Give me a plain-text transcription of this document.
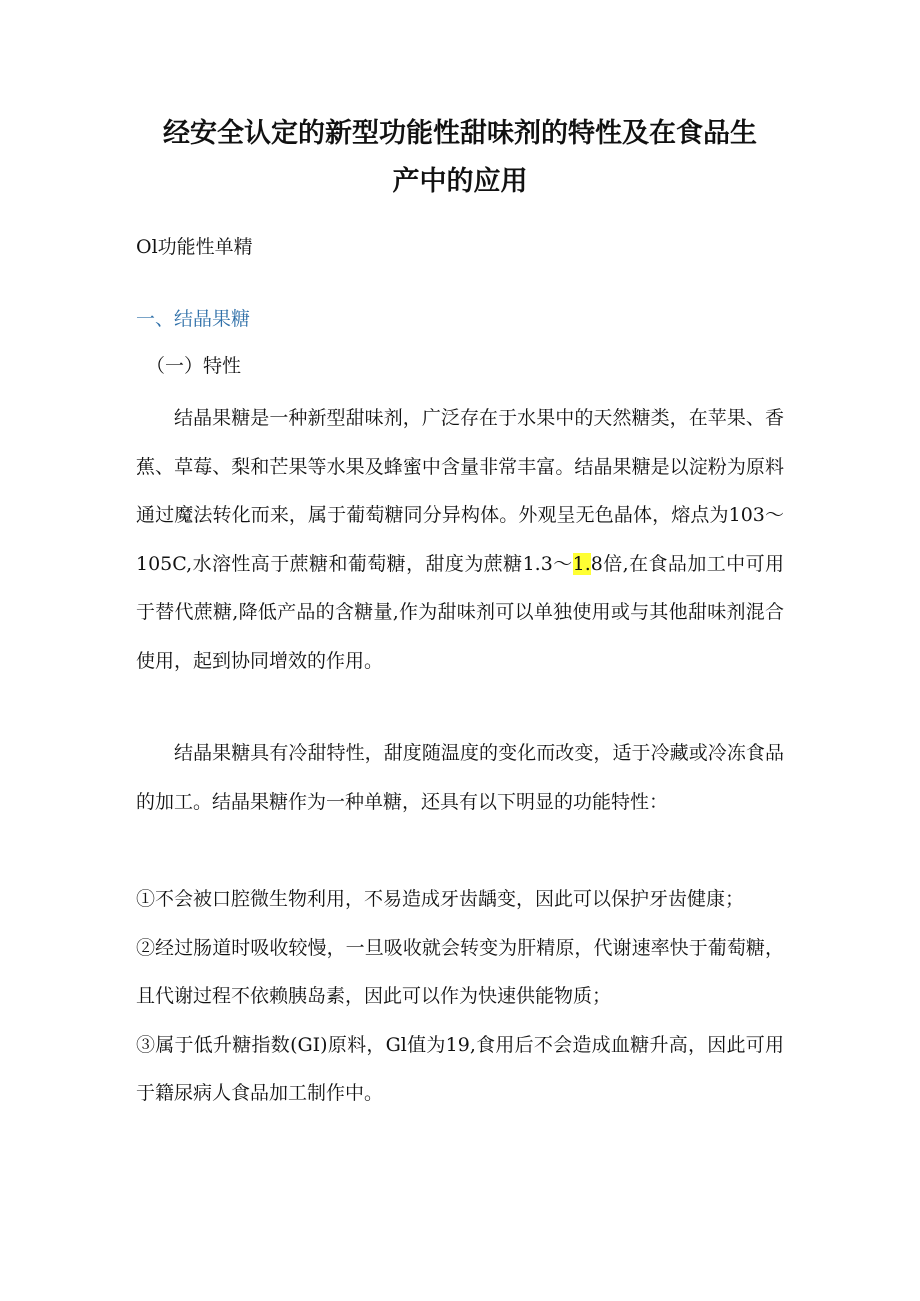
经安全认定的新型功能性甜味剂的特性及在食品生
产中的应用

Ol功能性单精

一、结晶果糖

（一）特性

结晶果糖是一种新型甜味剂，广泛存在于水果中的天然糖类，在苹果、香蕉、草莓、梨和芒果等水果及蜂蜜中含量非常丰富。结晶果糖是以淀粉为原料通过魔法转化而来，属于葡萄糖同分异构体。外观呈无色晶体，熔点为103～105C,水溶性高于蔗糖和葡萄糖，甜度为蔗糖1.3～1.8倍,在食品加工中可用于替代蔗糖,降低产品的含糖量,作为甜味剂可以单独使用或与其他甜味剂混合使用，起到协同增效的作用。

结晶果糖具有冷甜特性，甜度随温度的变化而改变，适于冷藏或冷冻食品的加工。结晶果糖作为一种单糖，还具有以下明显的功能特性：

①不会被口腔微生物利用，不易造成牙齿龋变，因此可以保护牙齿健康；
②经过肠道时吸收较慢，一旦吸收就会转变为肝精原，代谢速率快于葡萄糖，且代谢过程不依赖胰岛素，因此可以作为快速供能物质；
③属于低升糖指数(GI)原料，Gl值为19,食用后不会造成血糖升高，因此可用于籍尿病人食品加工制作中。
